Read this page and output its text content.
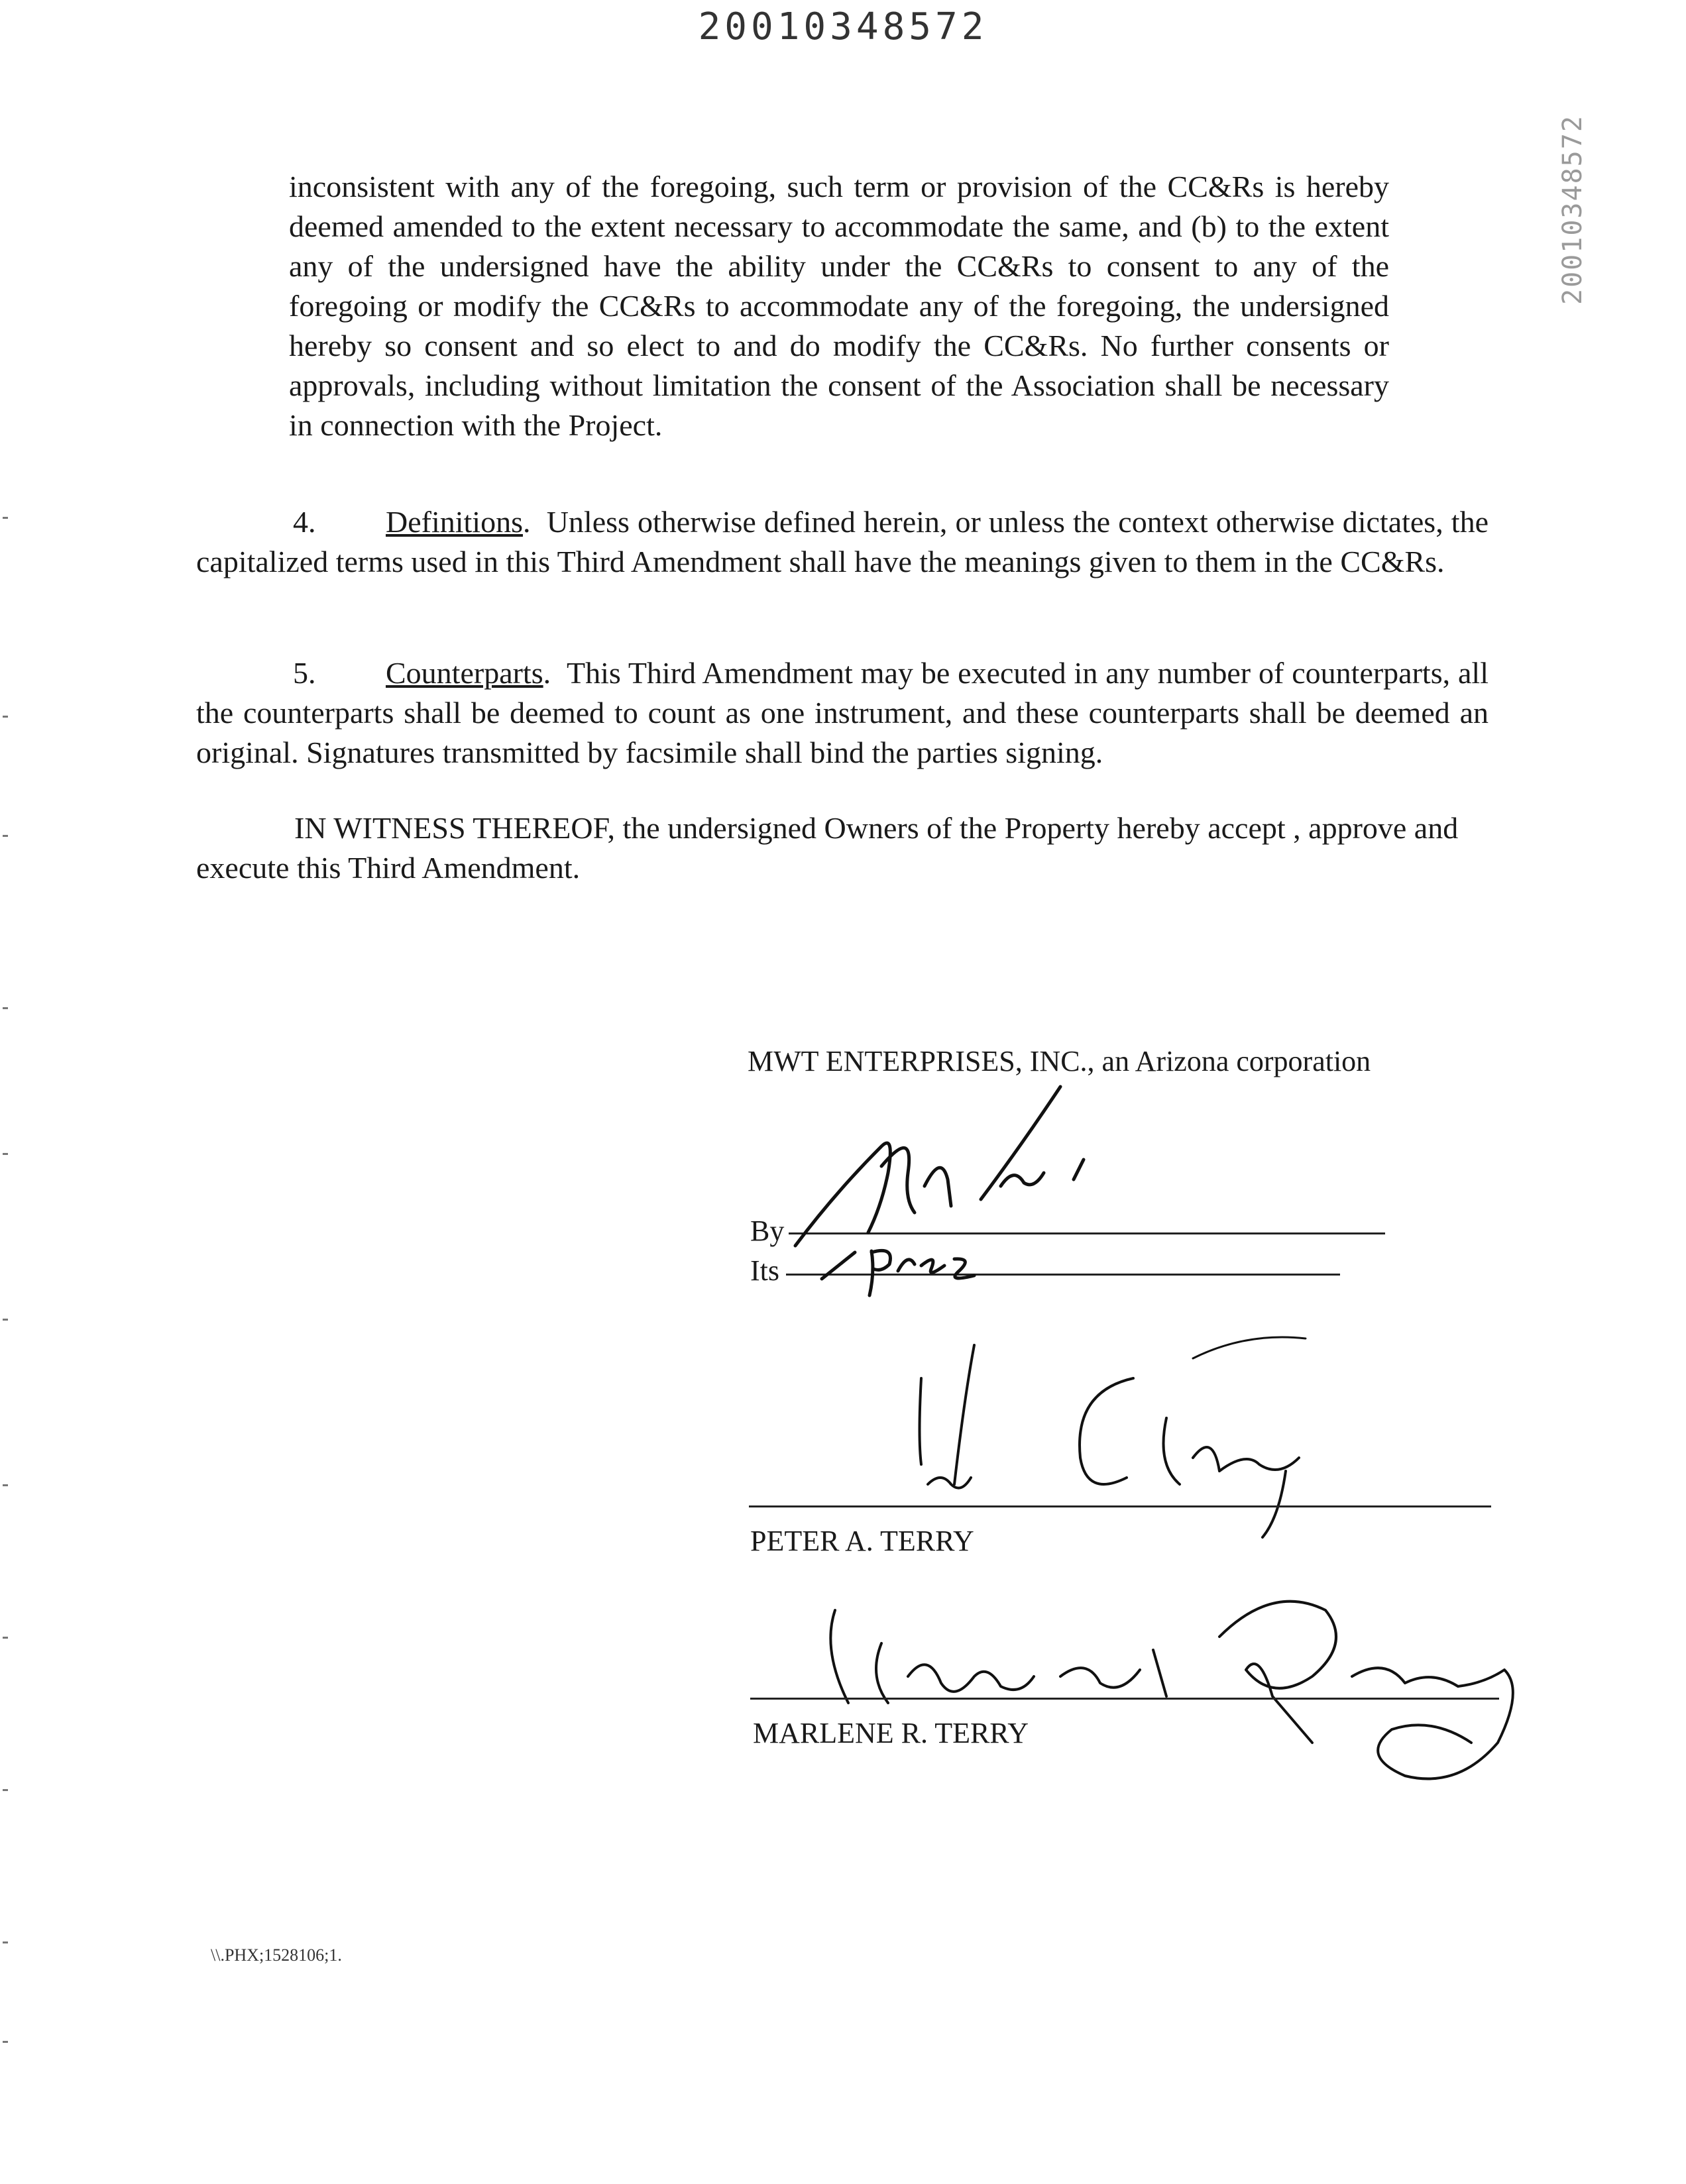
20010348572
20010348572

inconsistent with any of the foregoing, such term or provision of the CC&Rs is hereby deemed amended to the extent necessary to accommodate the same, and (b) to the extent any of the undersigned have the ability under the CC&Rs to consent to any of the foregoing or modify the CC&Rs to accommodate any of the foregoing, the undersigned hereby so consent and so elect to and do modify the CC&Rs. No further consents or approvals, including without limitation the consent of the Association shall be necessary in connection with the Project.

4. Definitions.  Unless otherwise defined herein, or unless the context otherwise dictates, the capitalized terms used in this Third Amendment shall have the meanings given to them in the CC&Rs.

5. Counterparts.  This Third Amendment may be executed in any number of counterparts, all the counterparts shall be deemed to count as one instrument, and these counterparts shall be deemed an original. Signatures transmitted by facsimile shall bind the parties signing.

IN WITNESS THEREOF, the undersigned Owners of the Property hereby accept , approve and execute this Third Amendment.

MWT ENTERPRISES, INC., an Arizona corporation
By
Its
PETER A. TERRY
MARLENE R. TERRY
\\.PHX;1528106;1.
